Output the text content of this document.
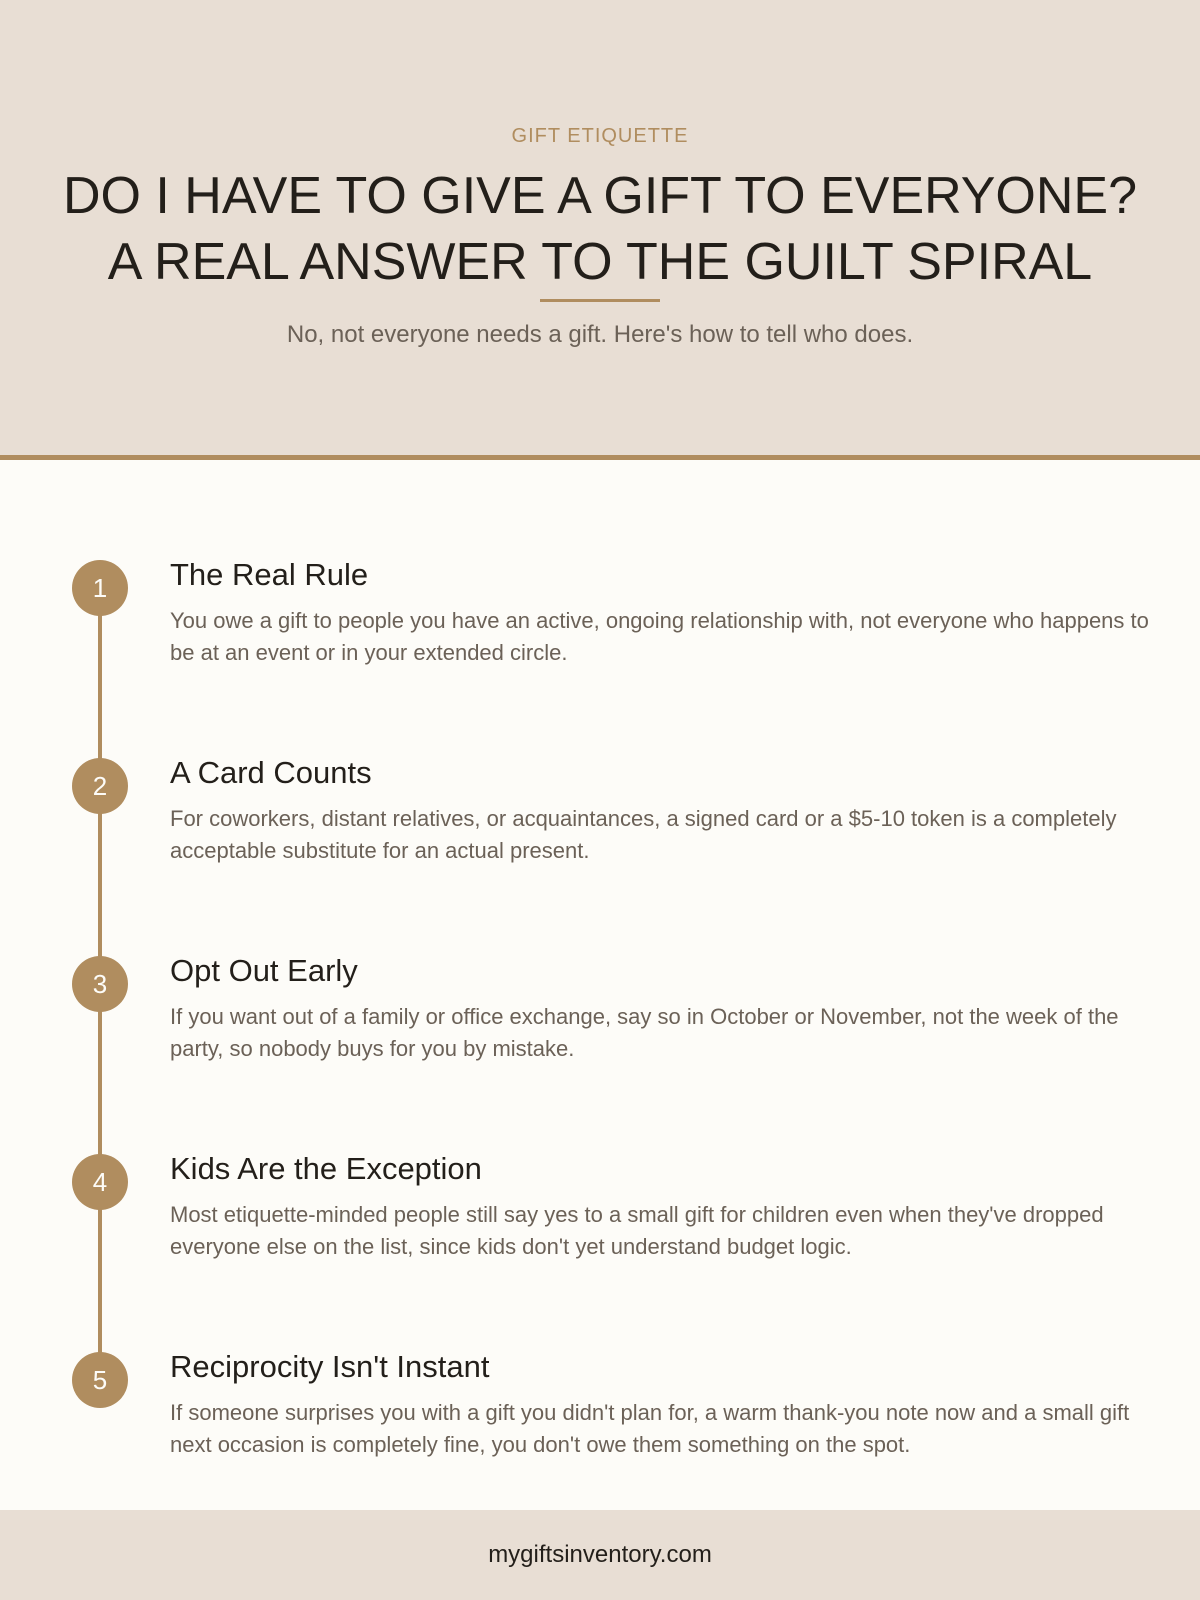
GIFT ETIQUETTE
DO I HAVE TO GIVE A GIFT TO EVERYONE?
A REAL ANSWER TO THE GUILT SPIRAL
No, not everyone needs a gift. Here's how to tell who does.
1	The Real Rule
You owe a gift to people you have an active, ongoing relationship with, not everyone who happens to be at an event or in your extended circle.
2	A Card Counts
For coworkers, distant relatives, or acquaintances, a signed card or a $5-10 token is a completely acceptable substitute for an actual present.
3	Opt Out Early
If you want out of a family or office exchange, say so in October or November, not the week of the party, so nobody buys for you by mistake.
4	Kids Are the Exception
Most etiquette-minded people still say yes to a small gift for children even when they've dropped everyone else on the list, since kids don't yet understand budget logic.
5	Reciprocity Isn't Instant
If someone surprises you with a gift you didn't plan for, a warm thank-you note now and a small gift next occasion is completely fine, you don't owe them something on the spot.
mygiftsinventory.com
